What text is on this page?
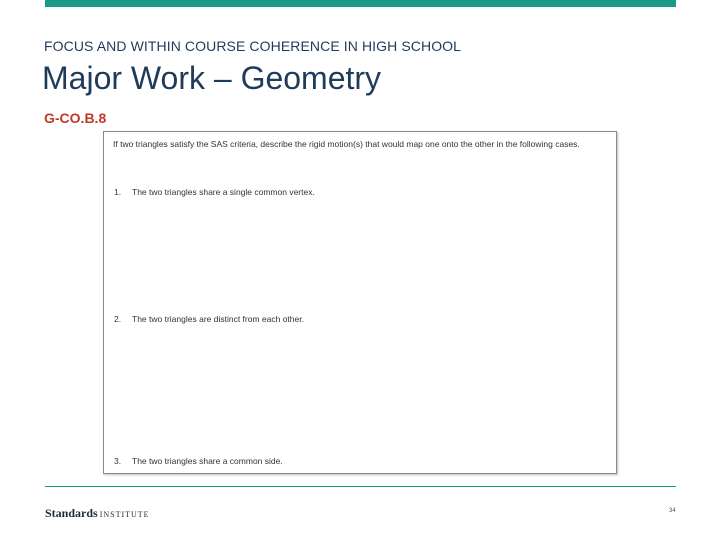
FOCUS AND WITHIN COURSE COHERENCE IN HIGH SCHOOL
Major Work – Geometry
G-CO.B.8
If two triangles satisfy the SAS criteria, describe the rigid motion(s) that would map one onto the other in the following cases.
1. The two triangles share a single common vertex.
2. The two triangles are distinct from each other.
3. The two triangles share a common side.
Standards INSTITUTE	34
